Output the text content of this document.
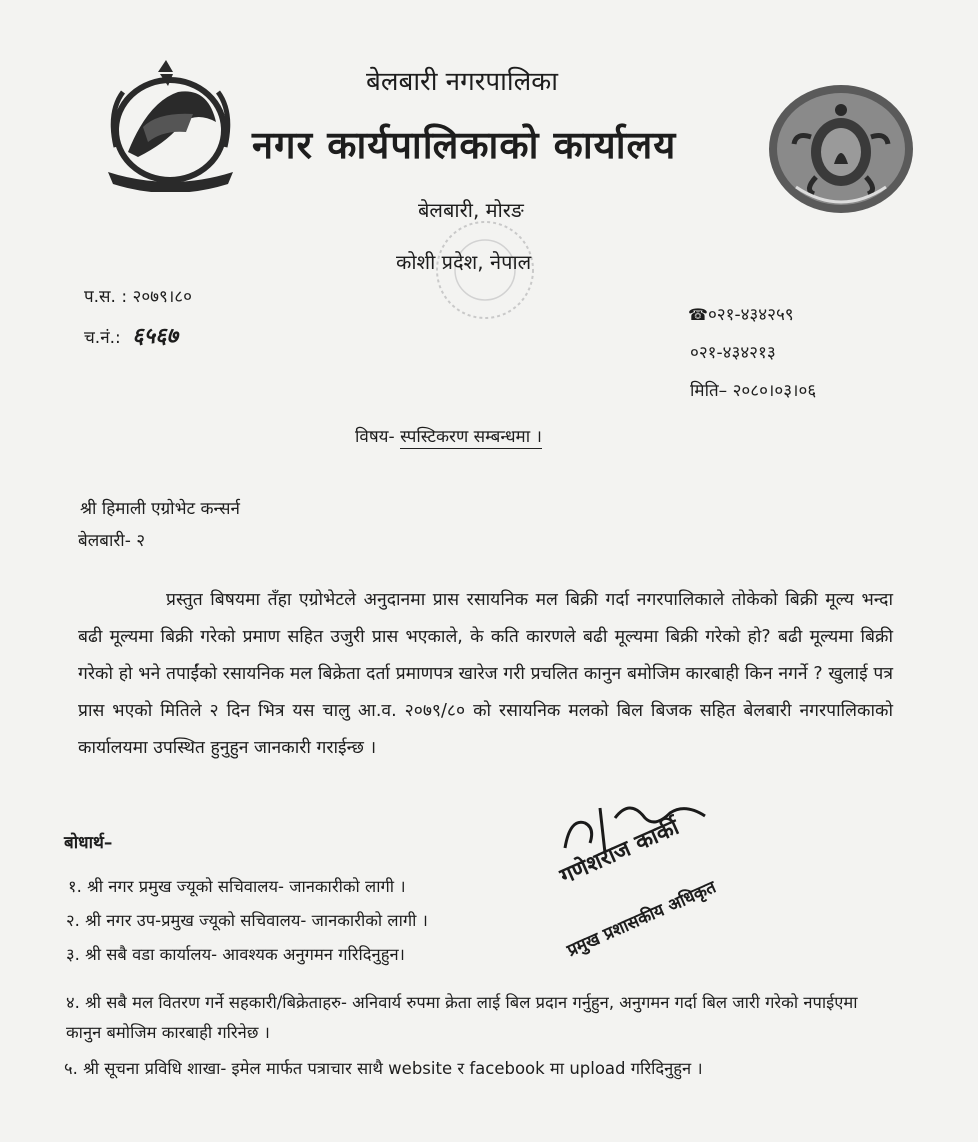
बेलबारी नगरपालिका
नगर कार्यपालिकाको कार्यालय
बेलबारी, मोरङ
कोशी प्रदेश, नेपाल
प.स. : २०७९।८०
च.नं.: ६५६७
☎०२१-४३४२५९
०२१-४३४२१३
मिति– २०८०।०३।०६
विषय- स्पस्टिकरण सम्बन्धमा ।
श्री हिमाली एग्रोभेट कन्सर्न
बेलबारी- २
प्रस्तुत बिषयमा तँहा एग्रोभेटले अनुदानमा प्रास रसायनिक मल बिक्री गर्दा नगरपालिकाले तोकेको बिक्री मूल्य भन्दा बढी मूल्यमा बिक्री गरेको प्रमाण सहित उजुरी प्रास भएकाले, के कति कारणले बढी मूल्यमा बिक्री गरेको हो? बढी मूल्यमा बिक्री गरेको हो भने तपाईंको रसायनिक मल बिक्रेता दर्ता प्रमाणपत्र खारेज गरी प्रचलित कानुन बमोजिम कारबाही किन नगर्ने ? खुलाई पत्र प्रास भएको मितिले २ दिन भित्र यस चालु आ.व. २०७९/८० को रसायनिक मलको बिल बिजक सहित बेलबारी नगरपालिकाको कार्यालयमा उपस्थित हुनुहुन जानकारी गराईन्छ ।
गणेशराज कार्की
प्रमुख प्रशासकीय अधिकृत
बोधार्थ–
१. श्री नगर प्रमुख ज्यूको सचिवालय- जानकारीको लागी ।
२. श्री नगर उप-प्रमुख ज्यूको सचिवालय- जानकारीको लागी ।
३. श्री सबै वडा कार्यालय- आवश्यक अनुगमन गरिदिनुहुन।
४. श्री सबै मल वितरण गर्ने सहकारी/बिक्रेताहरु- अनिवार्य रुपमा क्रेता लाई बिल प्रदान गर्नुहुन, अनुगमन गर्दा बिल जारी गरेको नपाईएमा कानुन बमोजिम कारबाही गरिनेछ ।
५. श्री सूचना प्रविधि शाखा- इमेल मार्फत पत्राचार साथै website र facebook मा upload गरिदिनुहुन ।
